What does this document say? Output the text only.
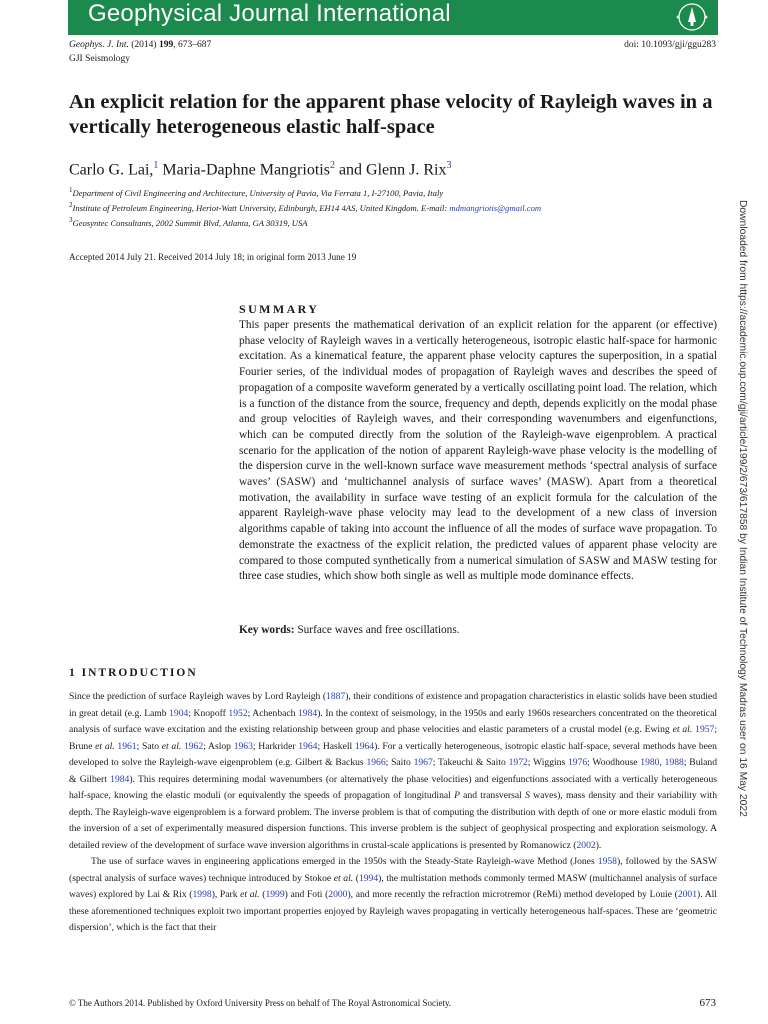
Geophysical Journal International
Geophys. J. Int. (2014) 199, 673–687
GJI Seismology
doi: 10.1093/gji/ggu283
An explicit relation for the apparent phase velocity of Rayleigh waves in a vertically heterogeneous elastic half-space
Carlo G. Lai,$^1$ Maria-Daphne Mangriotis$^2$ and Glenn J. Rix$^3$
$^1$Department of Civil Engineering and Architecture, University of Pavia, Via Ferrata 1, I-27100, Pavia, Italy
$^2$Institute of Petroleum Engineering, Heriot-Watt University, Edinburgh, EH14 4AS, United Kingdom. E-mail: mdmangriotis@gmail.com
$^3$Geosyntec Consultants, 2002 Summit Blvd, Atlanta, GA 30319, USA
Accepted 2014 July 21. Received 2014 July 18; in original form 2013 June 19
SUMMARY
This paper presents the mathematical derivation of an explicit relation for the apparent (or effective) phase velocity of Rayleigh waves in a vertically heterogeneous, isotropic elastic half-space for harmonic excitation. As a kinematical feature, the apparent phase velocity captures the superposition, in a spatial Fourier series, of the individual modes of propagation of Rayleigh waves and describes the speed of propagation of a composite waveform generated by a vertically oscillating point load. The relation, which is a function of the distance from the source, frequency and depth, depends explicitly on the modal phase and group velocities of Rayleigh waves, and their corresponding wavenumbers and eigenfunctions, which can be computed directly from the solution of the Rayleigh-wave eigenproblem. A practical scenario for the application of the notion of apparent Rayleigh-wave phase velocity is the modelling of the dispersion curve in the well-known surface wave measurement methods ‘spectral analysis of surface waves’ (SASW) and ‘multichannel analysis of surface waves’ (MASW). Apart from a theoretical motivation, the availability in surface wave testing of an explicit formula for the calculation of the apparent Rayleigh-wave phase velocity may lead to the development of a new class of inversion algorithms capable of taking into account the influence of all the modes of surface wave propagation. To demonstrate the exactness of the explicit relation, the predicted values of apparent phase velocity are compared to those computed synthetically from a numerical simulation of SASW and MASW testing for three case studies, which show both single as well as multiple mode dominance effects.
Key words: Surface waves and free oscillations.
1 INTRODUCTION

Since the prediction of surface Rayleigh waves by Lord Rayleigh (1887), their conditions of existence and propagation characteristics in elastic solids have been studied in great detail (e.g. Lamb 1904; Knopoff 1952; Achenbach 1984). In the context of seismology, in the 1950s and early 1960s researchers concentrated on the theoretical analysis of surface wave excitation and the existing relationship between group and phase velocities and elastic parameters of a crustal model (e.g. Ewing et al. 1957; Brune et al. 1961; Sato et al. 1962; Aslop 1963; Harkrider 1964; Haskell 1964). For a vertically heterogeneous, isotropic elastic half-space, several methods have been developed to solve the Rayleigh-wave eigenproblem (e.g. Gilbert & Backus 1966; Saito 1967; Takeuchi & Saito 1972; Wiggins 1976; Woodhouse 1980, 1988; Buland & Gilbert 1984). This requires determining modal wavenumbers (or alternatively the phase velocities) and eigenfunctions associated with a vertically heterogeneous half-space, knowing the elastic moduli (or equivalently the speeds of propagation of longitudinal P and transversal S waves), mass density and their variability with depth. The Rayleigh-wave eigenproblem is a forward problem. The inverse problem is that of computing the distribution with depth of one or more elastic moduli from the inversion of a set of experimentally measured dispersion functions. This inverse problem is the subject of geophysical prospecting and exploration seismology. A detailed review of the development of surface wave inversion algorithms in crustal-scale applications is presented by Romanowicz (2002).

The use of surface waves in engineering applications emerged in the 1950s with the Steady-State Rayleigh-wave Method (Jones 1958), followed by the SASW (spectral analysis of surface waves) technique introduced by Stokoe et al. (1994), the multistation methods commonly termed MASW (multichannel analysis of surface waves) explored by Lai & Rix (1998), Park et al. (1999) and Foti (2000), and more recently the refraction microtremor (ReMi) method developed by Louie (2001). All these aforementioned techniques exploit two important properties enjoyed by Rayleigh waves propagating in vertically heterogeneous half-spaces. These are ‘geometric dispersion’, which is the fact that their

© The Authors 2014. Published by Oxford University Press on behalf of The Royal Astronomical Society.	673
Downloaded from https://academic.oup.com/gji/article/199/2/673/617858 by Indian Institute of Technology Madras user on 16 May 2022
